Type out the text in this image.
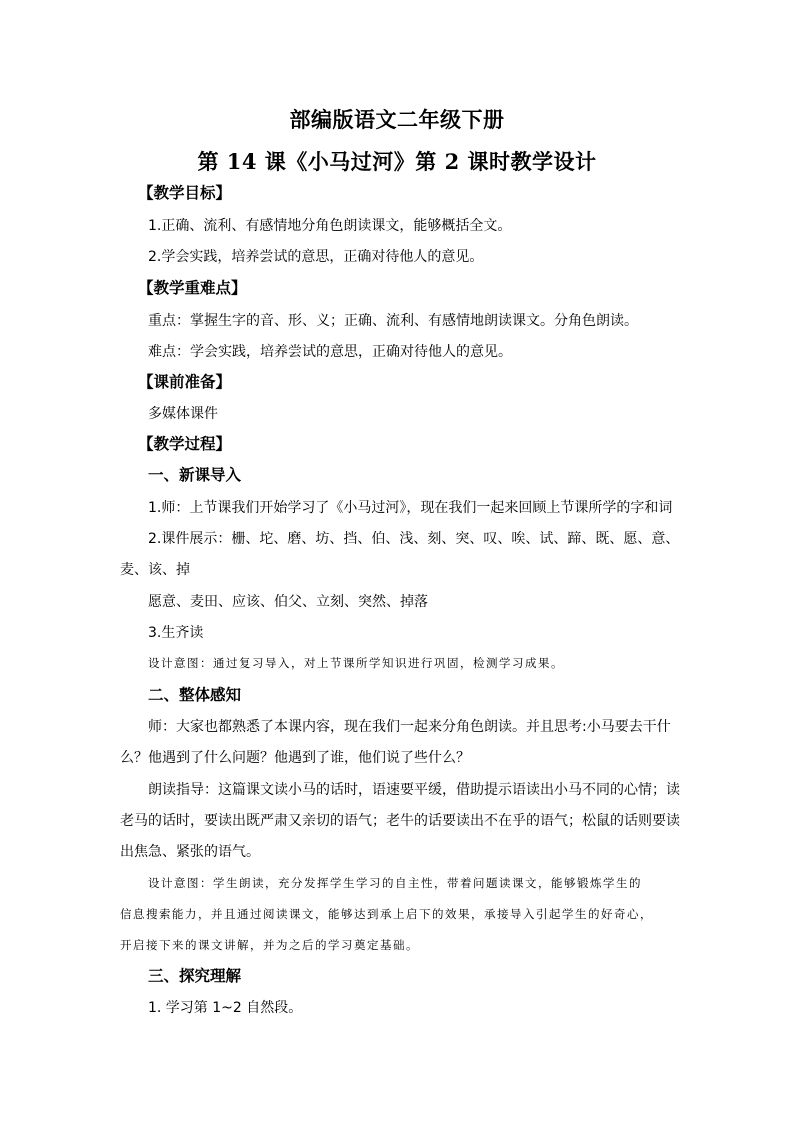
部编版语文二年级下册
第 14 课《小马过河》第 2 课时教学设计
【教学目标】
1.正确、流利、有感情地分角色朗读课文，能够概括全文。
2.学会实践，培养尝试的意思，正确对待他人的意见。
【教学重难点】
重点：掌握生字的音、形、义；正确、流利、有感情地朗读课文。分角色朗读。
难点：学会实践，培养尝试的意思，正确对待他人的意见。
【课前准备】
多媒体课件
【教学过程】
一、新课导入
1.师：上节课我们开始学习了《小马过河》，现在我们一起来回顾上节课所学的字和词
2.课件展示：栅、坨、磨、坊、挡、伯、浅、刻、突、叹、唉、试、蹄、既、愿、意、
麦、该、掉
愿意、麦田、应该、伯父、立刻、突然、掉落
3.生齐读
设计意图：通过复习导入，对上节课所学知识进行巩固，检测学习成果。
二、整体感知
师：大家也都熟悉了本课内容，现在我们一起来分角色朗读。并且思考:小马要去干什
么？他遇到了什么问题？他遇到了谁，他们说了些什么？
朗读指导：这篇课文读小马的话时，语速要平缓，借助提示语读出小马不同的心情；读
老马的话时，要读出既严肃又亲切的语气；老牛的话要读出不在乎的语气；松鼠的话则要读
出焦急、紧张的语气。
设计意图：学生朗读，充分发挥学生学习的自主性，带着问题读课文，能够锻炼学生的
信息搜索能力，并且通过阅读课文，能够达到承上启下的效果，承接导入引起学生的好奇心，
开启接下来的课文讲解，并为之后的学习奠定基础。
三、探究理解
1. 学习第 1~2 自然段。
